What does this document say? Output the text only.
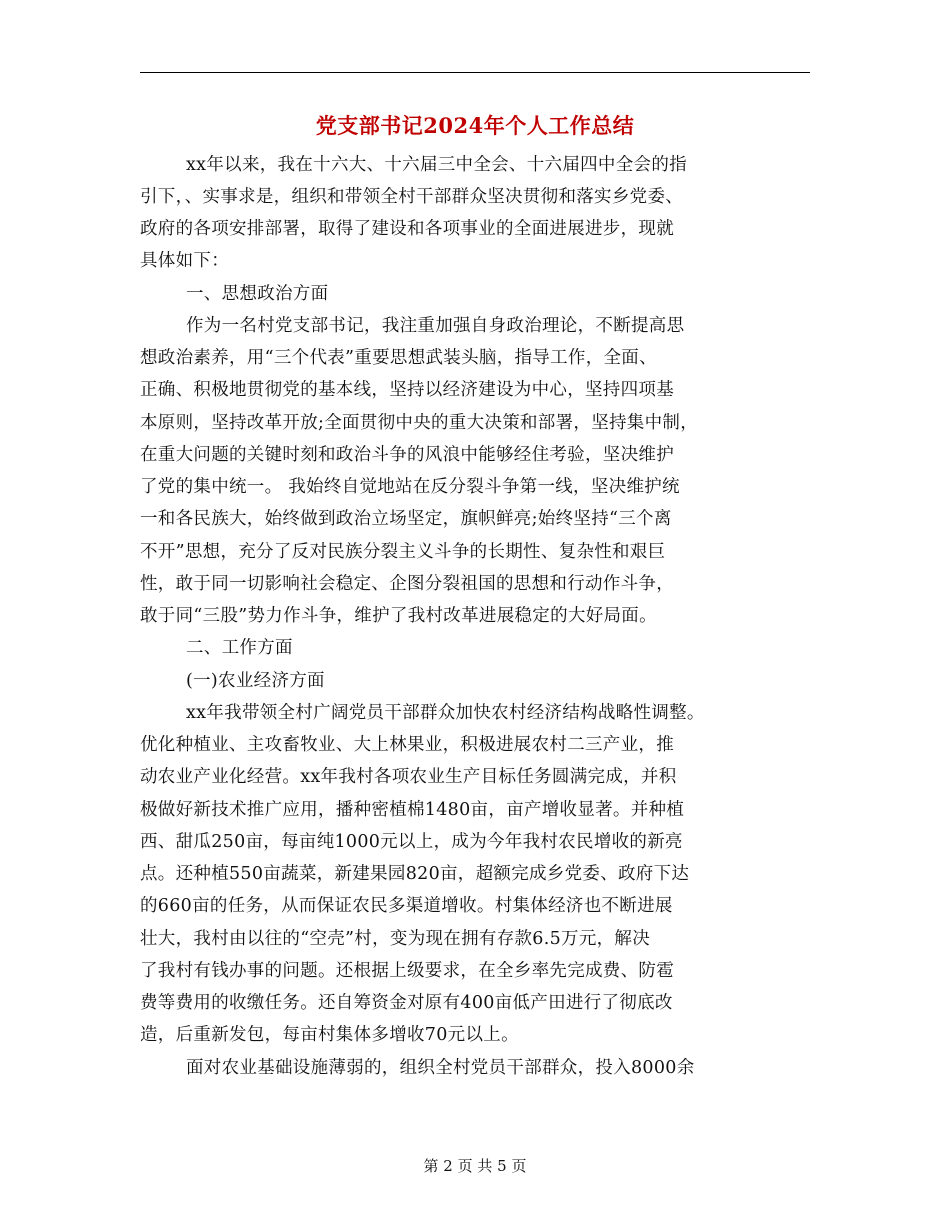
党支部书记2024年个人工作总结
xx年以来，我在十六大、十六届三中全会、十六届四中全会的指
引下，、实事求是，组织和带领全村干部群众坚决贯彻和落实乡党委、
政府的各项安排部署，取得了建设和各项事业的全面进展进步，现就
具体如下：
一、思想政治方面
作为一名村党支部书记，我注重加强自身政治理论，不断提高思
想政治素养，用“三个代表”重要思想武装头脑，指导工作，全面、
正确、积极地贯彻党的基本线，坚持以经济建设为中心，坚持四项基
本原则，坚持改革开放;全面贯彻中央的重大决策和部署，坚持集中制，
在重大问题的关键时刻和政治斗争的风浪中能够经住考验，坚决维护
了党的集中统一。 我始终自觉地站在反分裂斗争第一线，坚决维护统
一和各民族大，始终做到政治立场坚定，旗帜鲜亮;始终坚持“三个离
不开”思想，充分了反对民族分裂主义斗争的长期性、复杂性和艰巨
性，敢于同一切影响社会稳定、企图分裂祖国的思想和行动作斗争，
敢于同“三股”势力作斗争，维护了我村改革进展稳定的大好局面。
二、工作方面
(一)农业经济方面
xx年我带领全村广阔党员干部群众加快农村经济结构战略性调整。
优化种植业、主攻畜牧业、大上林果业，积极进展农村二三产业，推
动农业产业化经营。xx年我村各项农业生产目标任务圆满完成，并积
极做好新技术推广应用，播种密植棉1480亩，亩产增收显著。并种植
西、甜瓜250亩，每亩纯1000元以上，成为今年我村农民增收的新亮
点。还种植550亩蔬菜，新建果园820亩，超额完成乡党委、政府下达
的660亩的任务，从而保证农民多渠道增收。村集体经济也不断进展
壮大，我村由以往的“空壳”村，变为现在拥有存款6.5万元，解决
了我村有钱办事的问题。还根据上级要求，在全乡率先完成费、防雹
费等费用的收缴任务。还自筹资金对原有400亩低产田进行了彻底改
造，后重新发包，每亩村集体多增收70元以上。
面对农业基础设施薄弱的，组织全村党员干部群众，投入8000余
第 2 页 共 5 页
